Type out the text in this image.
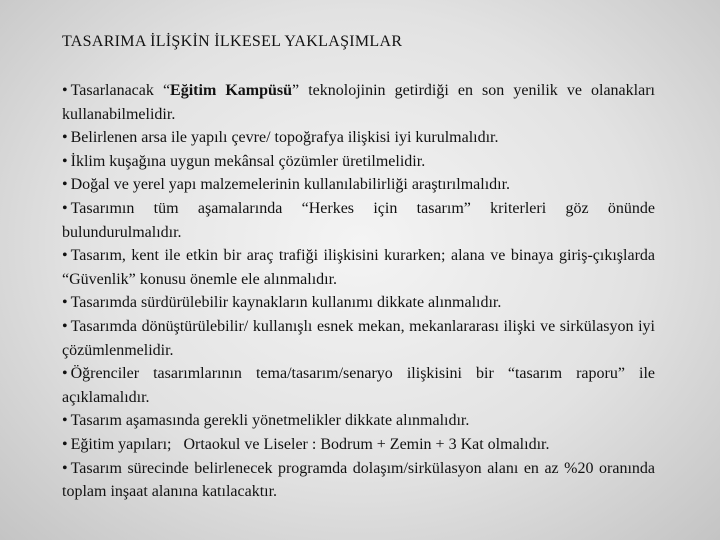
TASARIMA İLİŞKİN İLKESEL YAKLAŞIMLAR

• Tasarlanacak “Eğitim Kampüsü” teknolojinin getirdiği en son yenilik ve olanakları kullanabilmelidir.

• Belirlenen arsa ile yapılı çevre/ topoğrafya ilişkisi iyi kurulmalıdır.

• İklim kuşağına uygun mekânsal çözümler üretilmelidir.

• Doğal ve yerel yapı malzemelerinin kullanılabilirliği araştırılmalıdır.

• Tasarımın tüm aşamalarında “Herkes için tasarım” kriterleri göz önünde bulundurulmalıdır.

• Tasarım, kent ile etkin bir araç trafiği ilişkisini kurarken; alana ve binaya giriş-çıkışlarda “Güvenlik” konusu önemle ele alınmalıdır.

• Tasarımda sürdürülebilir kaynakların kullanımı dikkate alınmalıdır.

• Tasarımda dönüştürülebilir/ kullanışlı esnek mekan, mekanlararası ilişki ve sirkülasyon iyi çözümlenmelidir.

• Öğrenciler tasarımlarının tema/tasarım/senaryo ilişkisini bir “tasarım raporu” ile açıklamalıdır.

• Tasarım aşamasında gerekli yönetmelikler dikkate alınmalıdır.

• Eğitim yapıları;   Ortaokul ve Liseler : Bodrum + Zemin + 3 Kat olmalıdır.

• Tasarım sürecinde belirlenecek programda dolaşım/sirkülasyon alanı en az %20 oranında toplam inşaat alanına katılacaktır.
